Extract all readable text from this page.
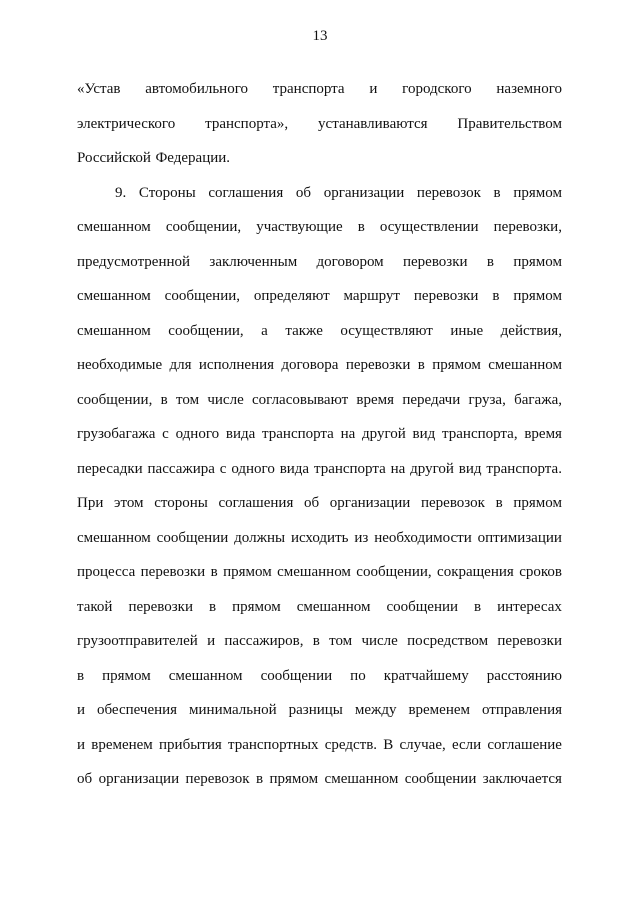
13
«Устав автомобильного транспорта и городского наземного
электрического транспорта», устанавливаются Правительством
Российской Федерации.
9. Стороны соглашения об организации перевозок в прямом
смешанном сообщении, участвующие в осуществлении перевозки,
предусмотренной заключенным договором перевозки в прямом
смешанном сообщении, определяют маршрут перевозки в прямом
смешанном сообщении, а также осуществляют иные действия,
необходимые для исполнения договора перевозки в прямом смешанном
сообщении, в том числе согласовывают время передачи груза, багажа,
грузобагажа с одного вида транспорта на другой вид транспорта, время
пересадки пассажира с одного вида транспорта на другой вид транспорта.
При этом стороны соглашения об организации перевозок в прямом
смешанном сообщении должны исходить из необходимости оптимизации
процесса перевозки в прямом смешанном сообщении, сокращения сроков
такой перевозки в прямом смешанном сообщении в интересах
грузоотправителей и пассажиров, в том числе посредством перевозки
в прямом смешанном сообщении по кратчайшему расстоянию
и обеспечения минимальной разницы между временем отправления
и временем прибытия транспортных средств. В случае, если соглашение
об организации перевозок в прямом смешанном сообщении заключается
